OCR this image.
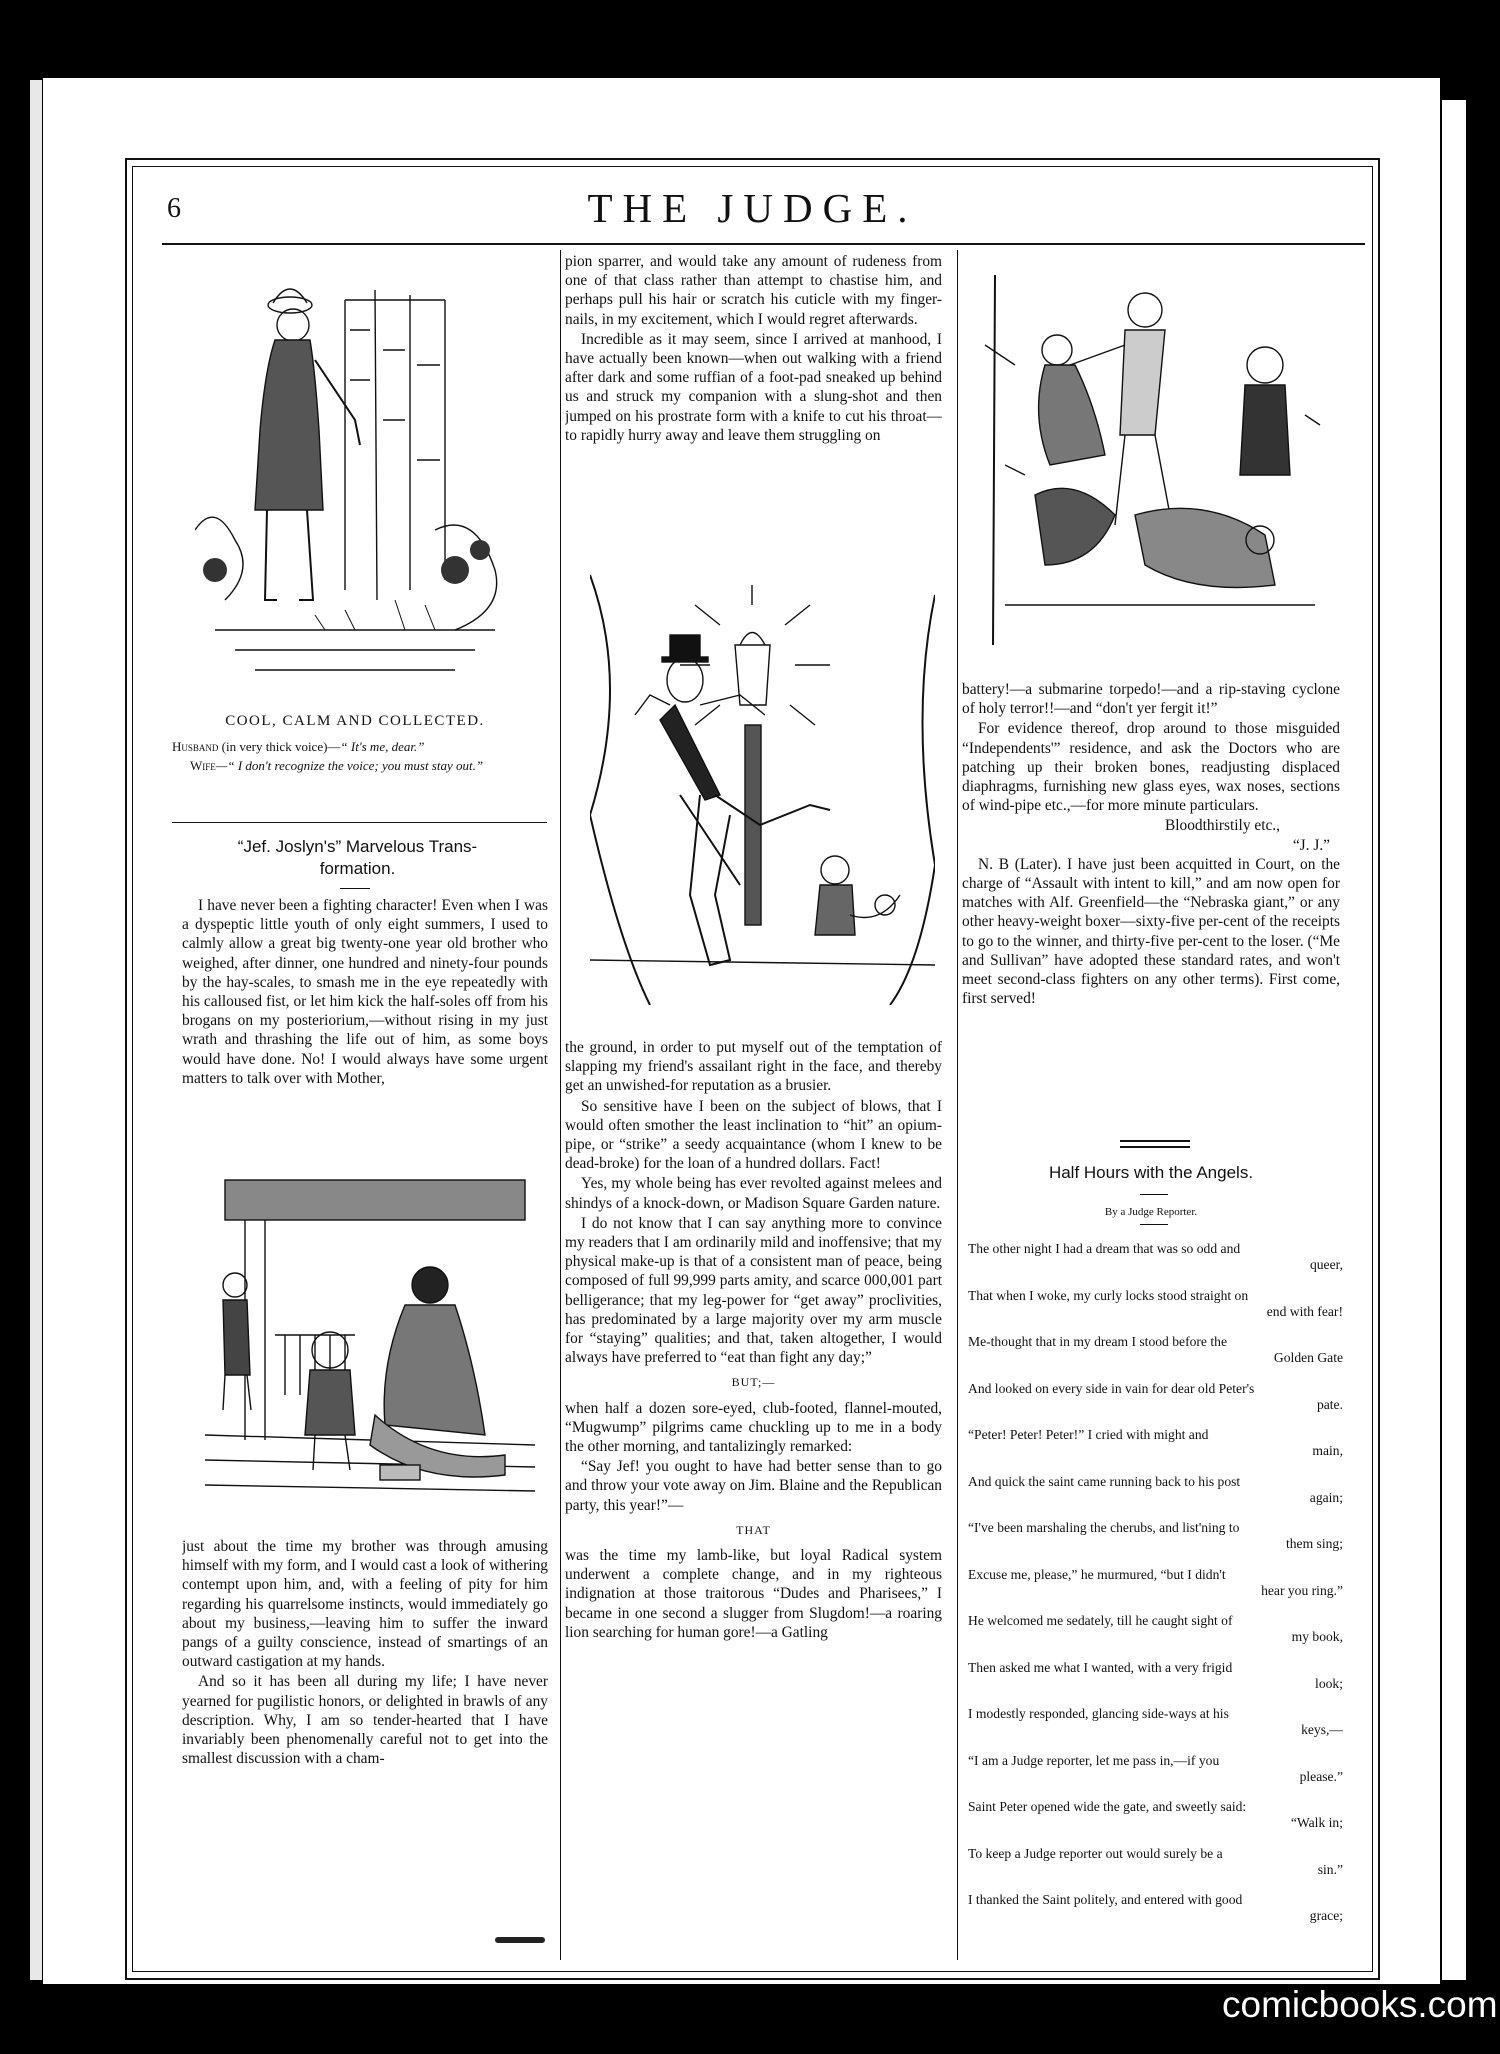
6	THE JUDGE.
COOL, CALM AND COLLECTED.
Husband (in very thick voice)—“ It's me, dear.”
Wife—“ I don't recognize the voice; you must stay out.”
“Jef. Joslyn's” Marvelous Trans-
formation.

I have never been a fighting character! Even when I was a dyspeptic little youth of only eight summers, I used to calmly allow a great big twenty-one year old brother who weighed, after dinner, one hundred and ninety-four pounds by the hay-scales, to smash me in the eye repeatedly with his calloused fist, or let him kick the half-soles off from his brogans on my posteriorium,—without rising in my just wrath and thrashing the life out of him, as some boys would have done. No! I would always have some urgent matters to talk over with Mother,

just about the time my brother was through amusing himself with my form, and I would cast a look of withering contempt upon him, and, with a feeling of pity for him regarding his quarrelsome instincts, would immediately go about my business,—leaving him to suffer the inward pangs of a guilty conscience, instead of smartings of an outward castigation at my hands.

And so it has been all during my life; I have never yearned for pugilistic honors, or delighted in brawls of any description. Why, I am so tender-hearted that I have invariably been phenomenally careful not to get into the smallest discussion with a cham-

pion sparrer, and would take any amount of rudeness from one of that class rather than attempt to chastise him, and perhaps pull his hair or scratch his cuticle with my finger-nails, in my excitement, which I would regret afterwards.

Incredible as it may seem, since I arrived at manhood, I have actually been known—when out walking with a friend after dark and some ruffian of a foot-pad sneaked up behind us and struck my companion with a slung-shot and then jumped on his prostrate form with a knife to cut his throat—to rapidly hurry away and leave them struggling on

the ground, in order to put myself out of the temptation of slapping my friend's assailant right in the face, and thereby get an unwished-for reputation as a brusier.

So sensitive have I been on the subject of blows, that I would often smother the least inclination to “hit” an opium-pipe, or “strike” a seedy acquaintance (whom I knew to be dead-broke) for the loan of a hundred dollars. Fact!

Yes, my whole being has ever revolted against melees and shindys of a knock-down, or Madison Square Garden nature.

I do not know that I can say anything more to convince my readers that I am ordinarily mild and inoffensive; that my physical make-up is that of a consistent man of peace, being composed of full 99,999 parts amity, and scarce 000,001 part belligerance; that my leg-power for “get away” proclivities, has predominated by a large majority over my arm muscle for “staying” qualities; and that, taken altogether, I would always have preferred to “eat than fight any day;”

BUT;—

when half a dozen sore-eyed, club-footed, flannel-mouted, “Mugwump” pilgrims came chuckling up to me in a body the other morning, and tantalizingly remarked:

“Say Jef! you ought to have had better sense than to go and throw your vote away on Jim. Blaine and the Republican party, this year!”—

THAT

was the time my lamb-like, but loyal Radical system underwent a complete change, and in my righteous indignation at those traitorous “Dudes and Pharisees,” I became in one second a slugger from Slugdom!—a roaring lion searching for human gore!—a Gatling

battery!—a submarine torpedo!—and a rip-staving cyclone of holy terror!!—and “don't yer fergit it!”

For evidence thereof, drop around to those misguided “Independents'” residence, and ask the Doctors who are patching up their broken bones, readjusting displaced diaphragms, furnishing new glass eyes, wax noses, sections of wind-pipe etc.,—for more minute particulars.

Bloodthirstily etc.,
“J. J.”

N. B (Later). I have just been acquitted in Court, on the charge of “Assault with intent to kill,” and am now open for matches with Alf. Greenfield—the “Nebraska giant,” or any other heavy-weight boxer—sixty-five per-cent of the receipts to go to the winner, and thirty-five per-cent to the loser. (“Me and Sullivan” have adopted these standard rates, and won't meet second-class fighters on any other terms). First come, first served!

Half Hours with the Angels.
By a Judge Reporter.
The other night I had a dream that was so odd and
queer,
That when I woke, my curly locks stood straight on
end with fear!
Me-thought that in my dream I stood before the
Golden Gate
And looked on every side in vain for dear old Peter's
pate.
“Peter! Peter! Peter!” I cried with might and
main,
And quick the saint came running back to his post
again;
“I've been marshaling the cherubs, and list'ning to
them sing;
Excuse me, please,” he murmured, “but I didn't
hear you ring.”
He welcomed me sedately, till he caught sight of
my book,
Then asked me what I wanted, with a very frigid
look;
I modestly responded, glancing side-ways at his
keys,—
“I am a Judge reporter, let me pass in,—if you
please.”
Saint Peter opened wide the gate, and sweetly said:
“Walk in;
To keep a Judge reporter out would surely be a
sin.”
I thanked the Saint politely, and entered with good
grace;
comicbooks.com
